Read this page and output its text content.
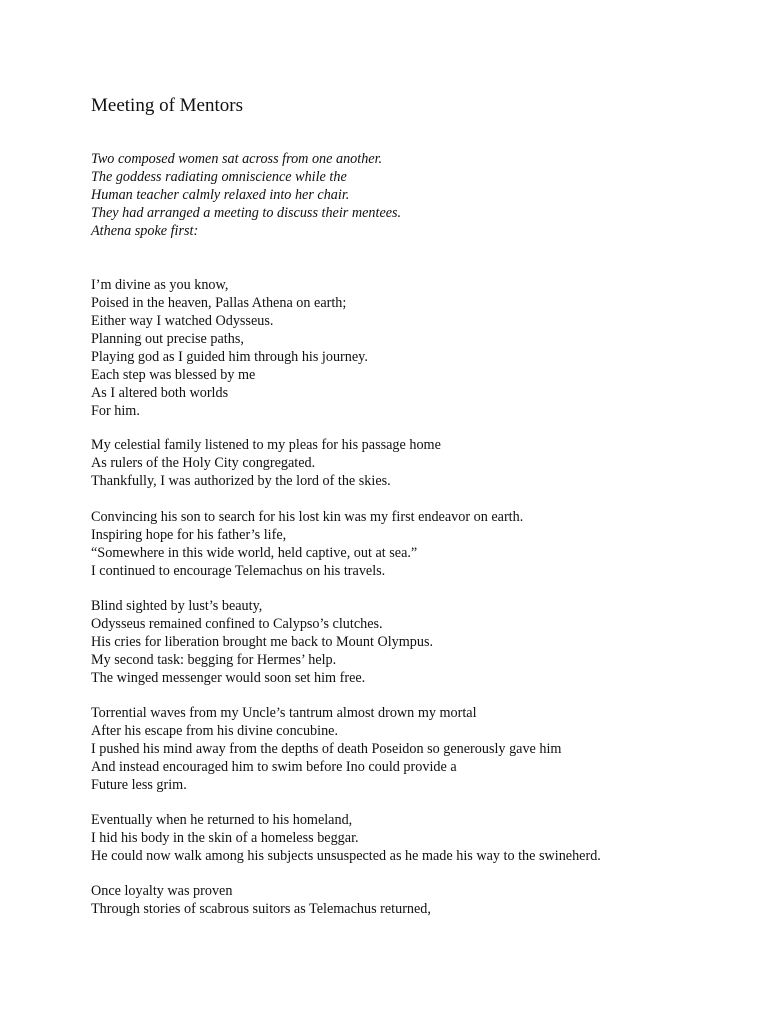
Meeting of Mentors
Two composed women sat across from one another.
The goddess radiating omniscience while the
Human teacher calmly relaxed into her chair.
They had arranged a meeting to discuss their mentees.
Athena spoke first:
I’m divine as you know,
Poised in the heaven, Pallas Athena on earth;
Either way I watched Odysseus.
Planning out precise paths,
Playing god as I guided him through his journey.
Each step was blessed by me
As I altered both worlds
For him.
My celestial family listened to my pleas for his passage home
As rulers of the Holy City congregated.
Thankfully, I was authorized by the lord of the skies.
Convincing his son to search for his lost kin was my first endeavor on earth.
Inspiring hope for his father’s life,
“Somewhere in this wide world, held captive, out at sea.”
I continued to encourage Telemachus on his travels.
Blind sighted by lust’s beauty,
Odysseus remained confined to Calypso’s clutches.
His cries for liberation brought me back to Mount Olympus.
My second task: begging for Hermes’ help.
The winged messenger would soon set him free.
Torrential waves from my Uncle’s tantrum almost drown my mortal
After his escape from his divine concubine.
I pushed his mind away from the depths of death Poseidon so generously gave him
And instead encouraged him to swim before Ino could provide a
Future less grim.
Eventually when he returned to his homeland,
I hid his body in the skin of a homeless beggar.
He could now walk among his subjects unsuspected as he made his way to the swineherd.
Once loyalty was proven
Through stories of scabrous suitors as Telemachus returned,
